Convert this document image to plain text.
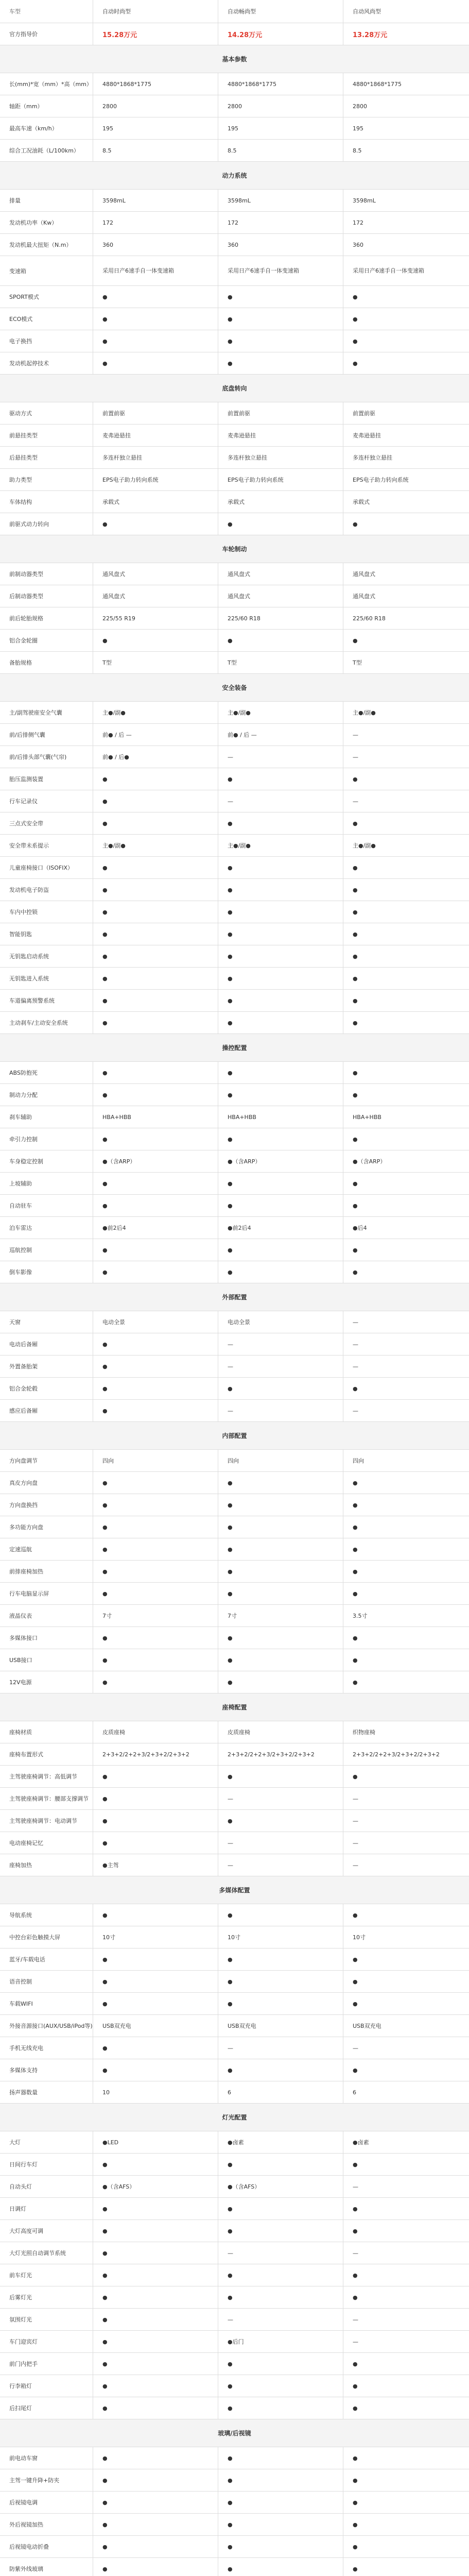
车型	自动时尚型	自动畅尚型	自动风尚型
官方指导价	15.28万元	14.28万元	13.28万元
基本参数
长(mm)*宽（mm）*高（mm）	4880*1868*1775	4880*1868*1775	4880*1868*1775
轴距（mm）	2800	2800	2800
最高车速（km/h）	195	195	195
综合工况油耗（L/100km）	8.5	8.5	8.5
动力系统
排量	3598mL	3598mL	3598mL
发动机功率（Kw）	172	172	172
发动机最大扭矩（N.m）	360	360	360
变速箱	采用日产6速手自一体变速箱	采用日产6速手自一体变速箱	采用日产6速手自一体变速箱
SPORT模式	●	●	●
ECO模式	●	●	●
电子换挡	●	●	●
发动机起停技术	●	●	●
底盘转向
驱动方式	前置前驱	前置前驱	前置前驱
前悬挂类型	麦弗逊悬挂	麦弗逊悬挂	麦弗逊悬挂
后悬挂类型	多连杆独立悬挂	多连杆独立悬挂	多连杆独立悬挂
助力类型	EPS电子助力转向系统	EPS电子助力转向系统	EPS电子助力转向系统
车体结构	承载式	承载式	承载式
前驱式动力转向	●	●	●
车轮制动
前制动器类型	通风盘式	通风盘式	通风盘式
后制动器类型	通风盘式	通风盘式	通风盘式
前后轮胎规格	225/55 R19	225/60 R18	225/60 R18
铝合金轮圈	●	●	●
备胎规格	T型	T型	T型
安全装备
主/副驾驶座安全气囊	主●/副●	主●/副●	主●/副●
前/后排侧气囊	前● / 后 —	前● / 后 —	—
前/后排头部气囊(气帘)	前● / 后●	—	—
胎压监测装置	●	●	●
行车记录仪	●	—	—
三点式安全带	●	●	●
安全带未系提示	主●/副●	主●/副●	主●/副●
儿童座椅接口（ISOFIX）	●	●	●
发动机电子防盗	●	●	●
车内中控锁	●	●	●
智能钥匙	●	●	●
无钥匙启动系统	●	●	●
无钥匙进入系统	●	●	●
车道偏离预警系统	●	●	●
主动刹车/主动安全系统	●	●	●
操控配置
ABS防抱死	●	●	●
制动力分配	●	●	●
刹车辅助	HBA+HBB	HBA+HBB	HBA+HBB
牵引力控制	●	●	●
车身稳定控制	●（含ARP）	●（含ARP）	●（含ARP）
上坡辅助	●	●	●
自动驻车	●	●	●
泊车雷达	●前2后4	●前2后4	●后4
巡航控制	●	●	●
倒车影像	●	●	●
外部配置
天窗	电动全景	电动全景	—
电动后备厢	●	—	—
外置备胎架	●	—	—
铝合金轮毂	●	●	●
感应后备厢	●	—	—
内部配置
方向盘调节	四向	四向	四向
真皮方向盘	●	●	●
方向盘换挡	●	●	●
多功能方向盘	●	●	●
定速巡航	●	●	●
前排座椅加热	●	●	●
行车电脑显示屏	●	●	●
液晶仪表	7寸	7寸	3.5寸
多媒体接口	●	●	●
USB接口	●	●	●
12V电源	●	●	●
座椅配置
座椅材质	皮质座椅	皮质座椅	织物座椅
座椅布置形式	2+3+2/2+2+3/2+3+2/2+3+2	2+3+2/2+2+3/2+3+2/2+3+2	2+3+2/2+2+3/2+3+2/2+3+2
主驾驶座椅调节：高低调节	●	●	●
主驾驶座椅调节：腰部支撑调节	●	—	—
主驾驶座椅调节：电动调节	●	●	—
电动座椅记忆	●	—	—
座椅加热	●主驾	—	—
多媒体配置
导航系统	●	●	●
中控台彩色触摸大屏	10寸	10寸	10寸
蓝牙/车载电话	●	●	●
语音控制	●	●	●
车载WIFI	●	●	●
外接音源接口(AUX/USB/iPod等)	USB双充电	USB双充电	USB双充电
手机无线充电	●	—	—
多媒体支持	●	●	●
扬声器数量	10	6	6
灯光配置
大灯	●LED	●卤素	●卤素
日间行车灯	●	●	●
自动头灯	●（含AFS）	●（含AFS）	—
日调灯	●	●	●
大灯高度可调	●	●	●
大灯光照自动调节系统	●	—	—
前车灯光	●	●	●
后雾灯光	●	●	●
氛围灯光	●	—	—
车门迎宾灯	●	●后门	—
前门内把手	●	●	●
行李箱灯	●	●	●
后扫尾灯	●	●	●
玻璃/后视镜
前电动车窗	●	●	●
主驾一键升降+防夹	●	●	●
后视镜电调	●	●	●
外后视镜加热	●	●	●
后视镜电动折叠	●	●	●
防紫外线玻璃	●	●	●
